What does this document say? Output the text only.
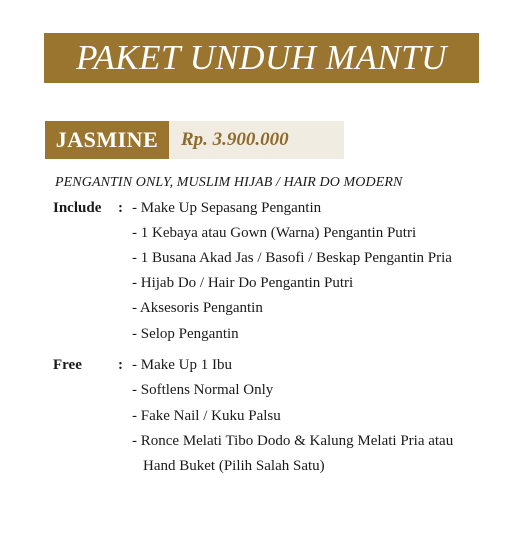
PAKET UNDUH MANTU
JASMINE	Rp. 3.900.000
PENGANTIN ONLY, MUSLIM HIJAB / HAIR DO MODERN
Include : - Make Up Sepasang Pengantin
- 1 Kebaya atau Gown (Warna) Pengantin Putri
- 1 Busana Akad Jas / Basofi / Beskap Pengantin Pria
- Hijab Do / Hair Do Pengantin Putri
- Aksesoris Pengantin
- Selop Pengantin
Free : - Make Up 1 Ibu
- Softlens Normal Only
- Fake Nail / Kuku Palsu
- Ronce Melati Tibo Dodo & Kalung Melati Pria atau
Hand Buket (Pilih Salah Satu)
